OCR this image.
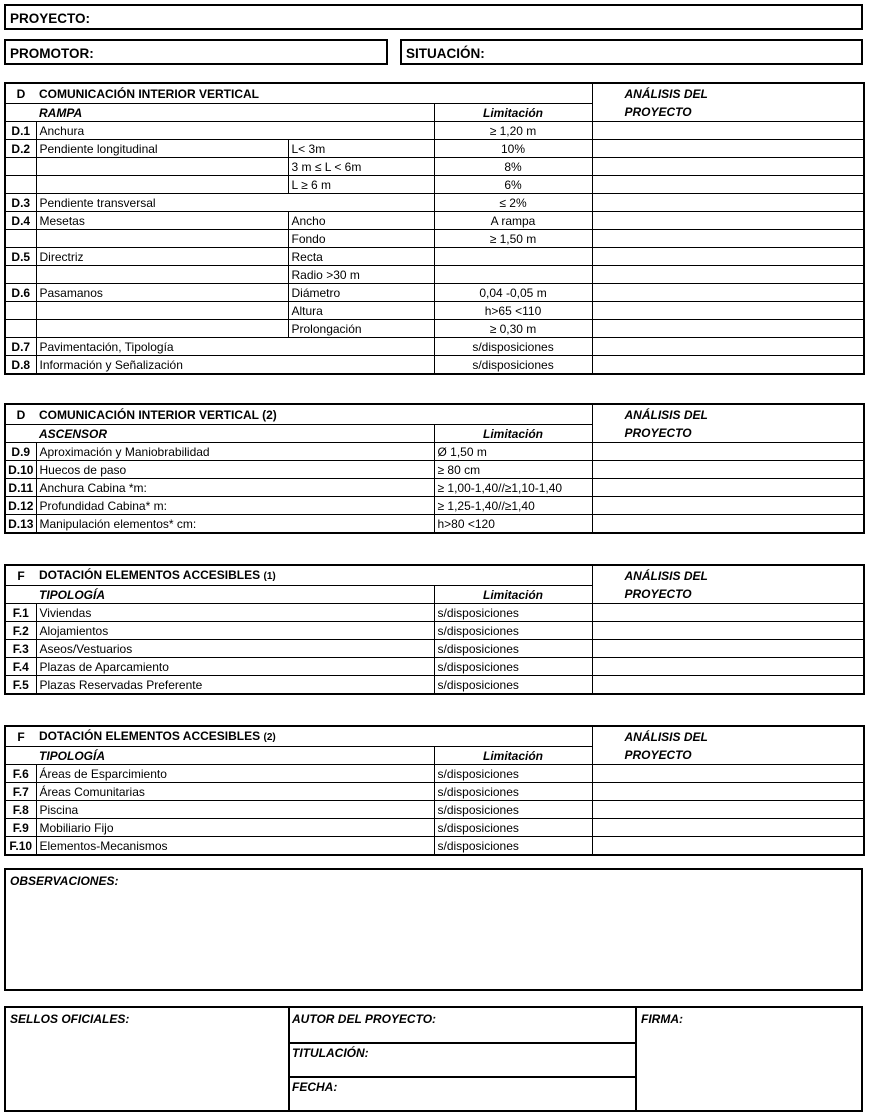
PROYECTO:
PROMOTOR:	SITUACIÓN:
D	COMUNICACIÓN INTERIOR VERTICAL			ANÁLISIS DEL
	RAMPA		Limitación	PROYECTO
D.1	Anchura		≥ 1,20 m	
D.2	Pendiente longitudinal	L< 3m	10%	
		3 m ≤ L < 6m	8%	
		L ≥ 6 m	6%	
D.3	Pendiente transversal		≤ 2%	
D.4	Mesetas	Ancho	A rampa	
		Fondo	≥ 1,50 m	
D.5	Directriz	Recta		
		Radio >30 m		
D.6	Pasamanos	Diámetro	0,04 -0,05 m	
		Altura	h>65 <110	
		Prolongación	≥ 0,30 m	
D.7	Pavimentación, Tipología		s/disposiciones	
D.8	Información y Señalización		s/disposiciones	
D	COMUNICACIÓN INTERIOR VERTICAL (2)		ANÁLISIS DEL
	ASCENSOR	Limitación	PROYECTO
D.9	Aproximación y Maniobrabilidad	Ø 1,50 m	
D.10	Huecos de paso	≥ 80 cm	
D.11	Anchura Cabina *m:	≥ 1,00-1,40//≥1,10-1,40	
D.12	Profundidad Cabina* m:	≥ 1,25-1,40//≥1,40	
D.13	Manipulación elementos* cm:	h>80 <120	
F	DOTACIÓN ELEMENTOS ACCESIBLES (1)		ANÁLISIS DEL
	TIPOLOGÍA	Limitación	PROYECTO
F.1	Viviendas	s/disposiciones	
F.2	Alojamientos	s/disposiciones	
F.3	Aseos/Vestuarios	s/disposiciones	
F.4	Plazas de Aparcamiento	s/disposiciones	
F.5	Plazas Reservadas Preferente	s/disposiciones	
F	DOTACIÓN ELEMENTOS ACCESIBLES (2)		ANÁLISIS DEL
	TIPOLOGÍA	Limitación	PROYECTO
F.6	Áreas de Esparcimiento	s/disposiciones	
F.7	Áreas Comunitarias	s/disposiciones	
F.8	Piscina	s/disposiciones	
F.9	Mobiliario Fijo	s/disposiciones	
F.10	Elementos-Mecanismos	s/disposiciones	
OBSERVACIONES:
SELLOS OFICIALES:	AUTOR DEL PROYECTO:
TITULACIÓN:
FECHA:
FIRMA:
